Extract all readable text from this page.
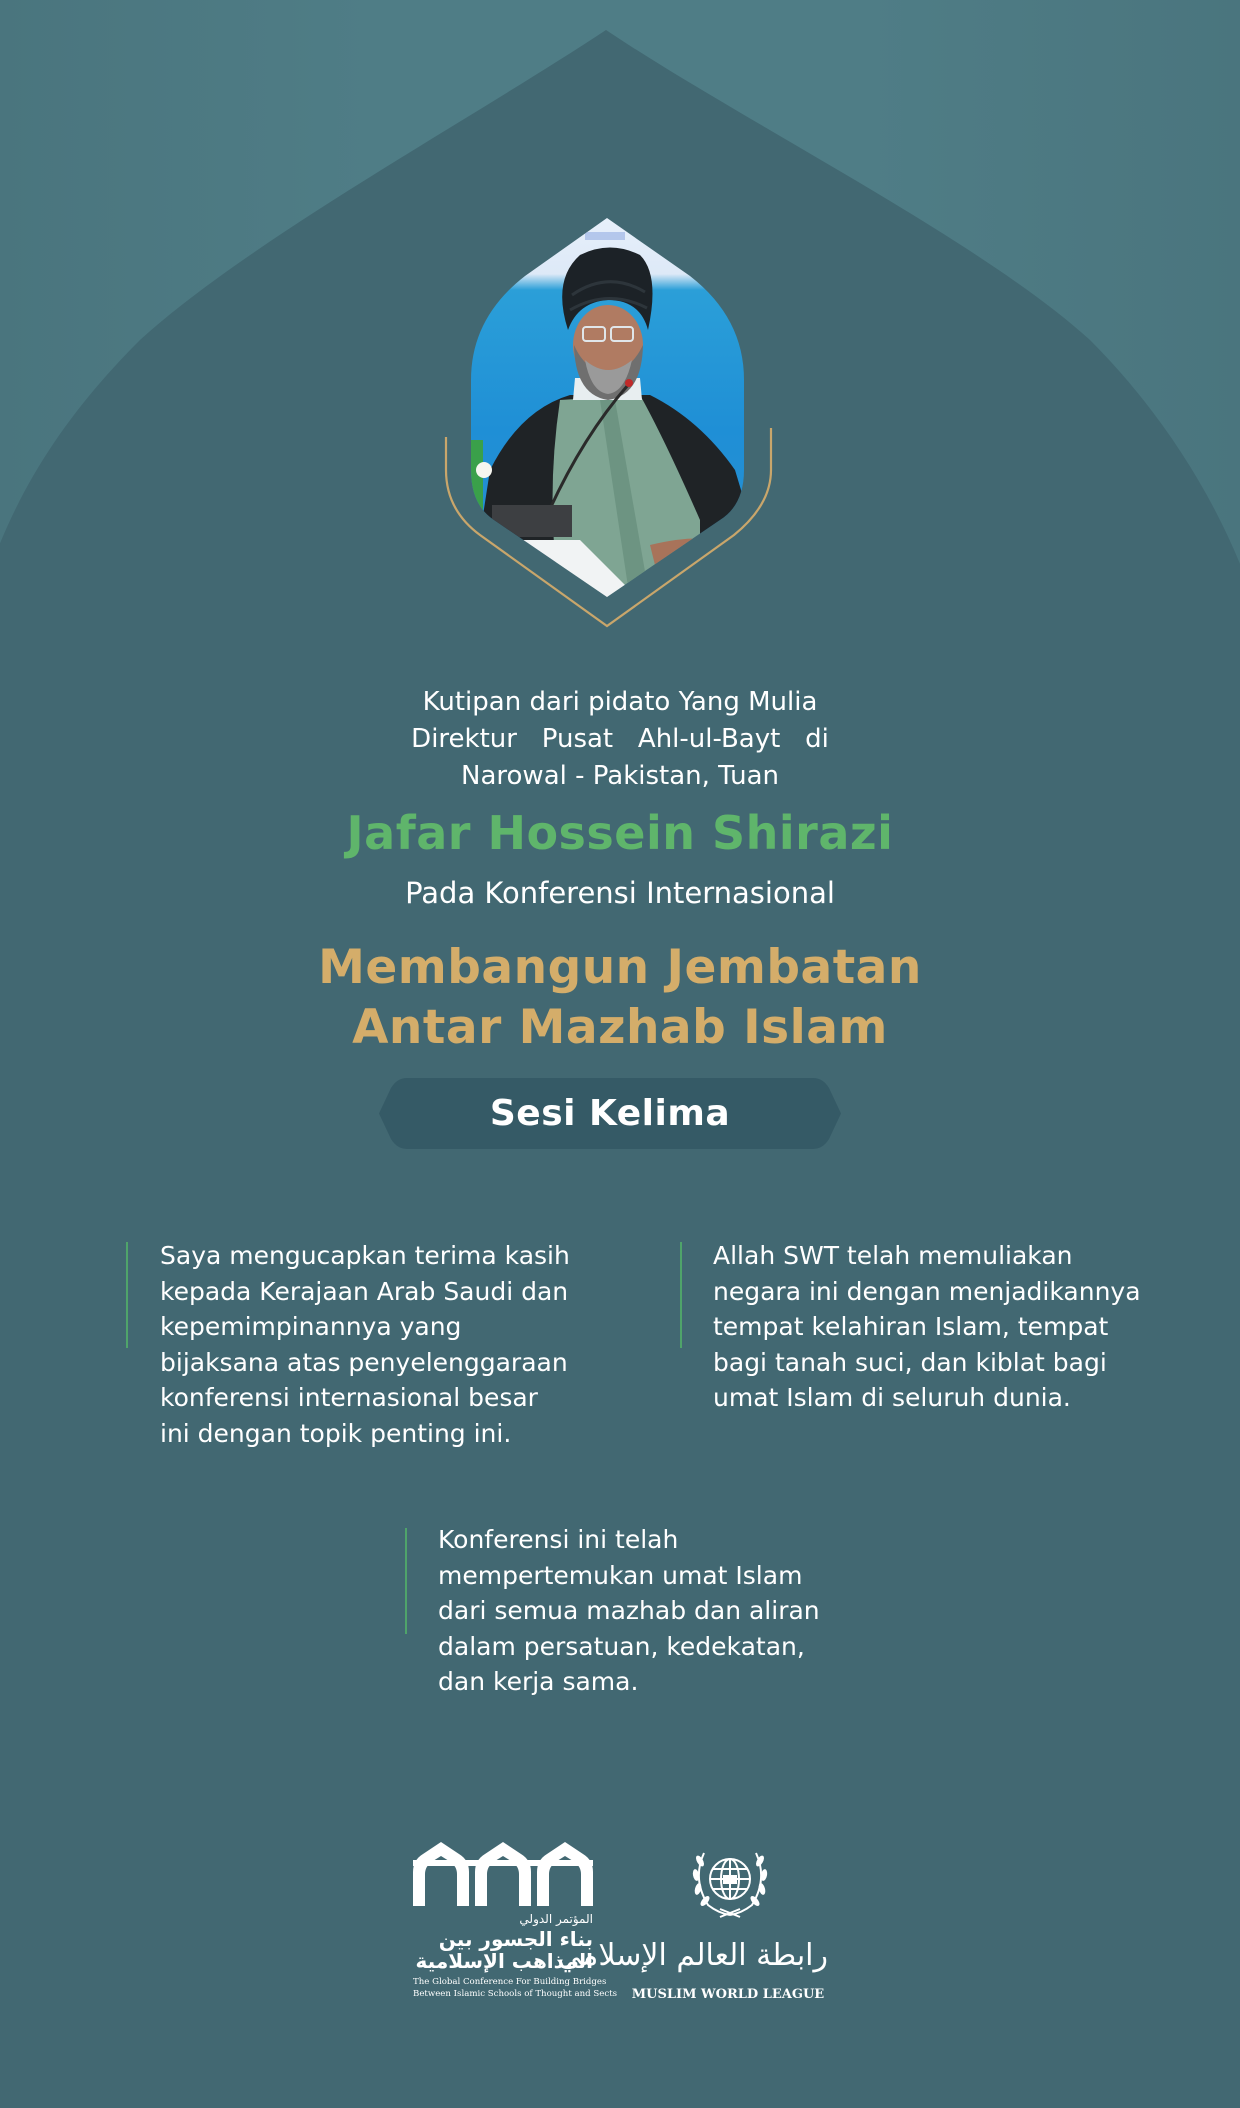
Kutipan dari pidato Yang Mulia
Direktur   Pusat   Ahl-ul-Bayt   di
Narowal - Pakistan, Tuan
Jafar Hossein Shirazi
Pada Konferensi Internasional
Membangun Jembatan
Antar Mazhab Islam
Sesi Kelima
Saya mengucapkan terima kasih
kepada Kerajaan Arab Saudi dan
kepemimpinannya yang
bijaksana atas penyelenggaraan
konferensi internasional besar
ini dengan topik penting ini.
Allah SWT telah memuliakan
negara ini dengan menjadikannya
tempat kelahiran Islam, tempat
bagi tanah suci, dan kiblat bagi
umat Islam di seluruh dunia.
Konferensi ini telah
mempertemukan umat Islam
dari semua mazhab dan aliran
dalam persatuan, kedekatan,
dan kerja sama.
المؤتمر الدولي
بناء الجسور بين
المذاهب الإسلامية
The Global Conference For Building Bridges
Between Islamic Schools of Thought and Sects
رابطة العالم الإسلامي
MUSLIM WORLD LEAGUE
